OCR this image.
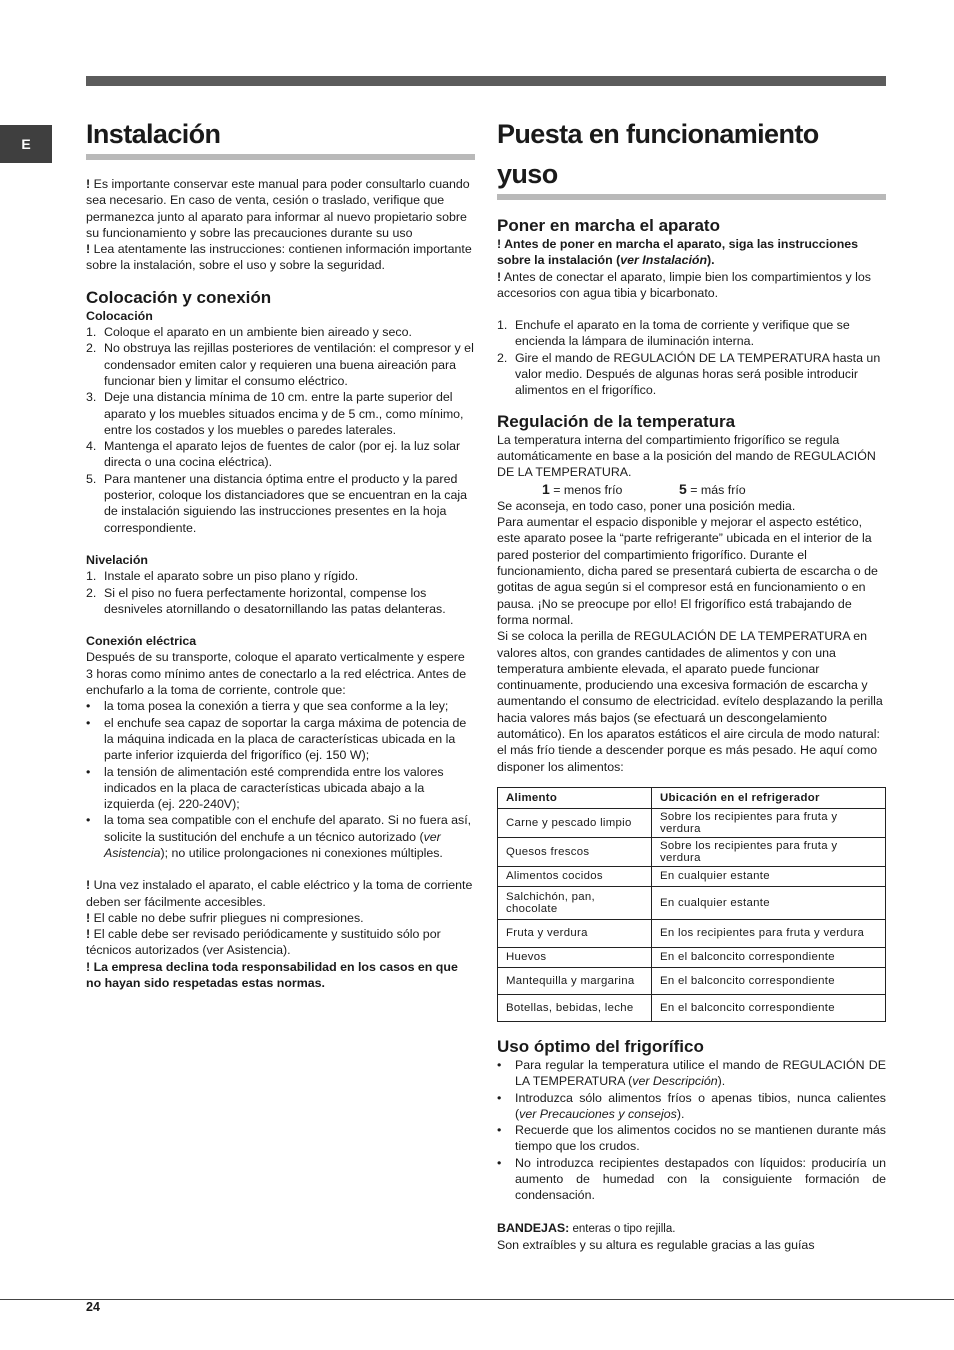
E	Instalación

! Es importante conservar este manual para poder consultarlo cuando sea necesario. En caso de venta, cesión o traslado, verifique que permanezca junto al aparato para informar al nuevo propietario sobre su funcionamiento y sobre las precauciones durante su uso

! Lea atentamente las instrucciones: contienen información importante sobre la instalación, sobre el uso y sobre la seguridad.

Colocación y conexión

Colocación

1. Coloque el aparato en un ambiente bien aireado y seco.
2. No obstruya las rejillas posteriores de ventilación: el compresor y el condensador emiten calor y requieren una buena aireación para funcionar bien y limitar el consumo eléctrico.
3. Deje una distancia mínima de 10 cm. entre la parte superior del aparato y los muebles situados encima y de 5 cm., como mínimo, entre los costados y los muebles o paredes laterales.
4. Mantenga el aparato lejos de fuentes de calor (por ej. la luz solar directa o una cocina eléctrica).
5. Para mantener una distancia óptima entre el producto y la pared posterior, coloque los distanciadores que se encuentran en la caja de instalación siguiendo las instrucciones presentes en la hoja correspondiente.

Nivelación

1. Instale el aparato sobre un piso plano y rígido.
2. Si el piso no fuera perfectamente horizontal, compense los desniveles atornillando o desatornillando las patas delanteras.

Conexión eléctrica

Después de su transporte, coloque el aparato verticalmente y espere 3 horas como mínimo antes de conectarlo a la red eléctrica. Antes de enchufarlo a la toma de corriente, controle que:

• la toma posea la conexión a tierra y que sea conforme a la ley;
• el enchufe sea capaz de soportar la carga máxima de potencia de la máquina indicada en la placa de características ubicada en la parte inferior izquierda del frigorífico (ej. 150 W);
• la tensión de alimentación esté comprendida entre los valores indicados en la placa de características ubicada abajo a la izquierda (ej. 220-240V);
• la toma sea compatible con el enchufe del aparato. Si no fuera así, solicite la sustitución del enchufe a un técnico autorizado (ver Asistencia); no utilice prolongaciones ni conexiones múltiples.

! Una vez instalado el aparato, el cable eléctrico y la toma de corriente deben ser fácilmente accesibles.

! El cable no debe sufrir pliegues ni compresiones.

! El cable debe ser revisado periódicamente y sustituido sólo por técnicos autorizados (ver Asistencia).

! La empresa declina toda responsabilidad en los casos en que no hayan sido respetadas estas normas.

Puesta en funcionamiento yuso
Poner en marcha el aparato

! Antes de poner en marcha el aparato, siga las instrucciones sobre la instalación (ver Instalación).

! Antes de conectar el aparato, limpie bien los compartimientos y los accesorios con agua tibia y bicarbonato.

1. Enchufe el aparato en la toma de corriente y verifique que se encienda la lámpara de iluminación interna.
2. Gire el mando de REGULACIÓN DE LA TEMPERATURA hasta un valor medio. Después de algunas horas será posible introducir alimentos en el frigorífico.
Regulación de la temperatura

La temperatura interna del compartimiento frigorífico se regula automáticamente en base a la posición del mando de REGULACIÓN DE LA TEMPERATURA.

1 = menos frío	5 = más frío

Se aconseja, en todo caso, poner una posición media.

Para aumentar el espacio disponible y mejorar el aspecto estético, este aparato posee la “parte refrigerante” ubicada en el interior de la pared posterior del compartimiento frigorífico. Durante el funcionamiento, dicha pared se presentará cubierta de escarcha o de gotitas de agua según si el compresor está en funcionamiento o en pausa. ¡No se preocupe por ello! El frigorífico está trabajando de forma normal.

Si se coloca la perilla de REGULACIÓN DE LA TEMPERATURA en valores altos, con grandes cantidades de alimentos y con una temperatura ambiente elevada, el aparato puede funcionar continuamente, produciendo una excesiva formación de escarcha y aumentando el consumo de electricidad. evítelo desplazando la perilla hacia valores más bajos (se efectuará un descongelamiento automático). En los aparatos estáticos el aire circula de modo natural: el más frío tiende a descender porque es más pesado. He aquí como disponer los alimentos:

Alimento	Ubicación en el refrigerador
Carne y pescado limpio	Sobre los recipientes para fruta y verdura
Quesos frescos	Sobre los recipientes para fruta y verdura
Alimentos cocidos	En cualquier estante
Salchichón, pan, chocolate	En cualquier estante
Fruta y verdura	En los recipientes para fruta y verdura
Huevos	En el balconcito correspondiente
Mantequilla y margarina	En el balconcito correspondiente
Botellas, bebidas, leche	En el balconcito correspondiente
Uso óptimo del frigorífico
• Para regular la temperatura utilice el mando de REGULACIÓN DE LA TEMPERATURA (ver Descripción).
• Introduzca sólo alimentos fríos o apenas tibios, nunca calientes (ver Precauciones y consejos).
• Recuerde que los alimentos cocidos no se mantienen durante más tiempo que los crudos.
• No introduzca recipientes destapados con líquidos: produciría un aumento de humedad con la consiguiente formación de condensación.

BANDEJAS: enteras o tipo rejilla.

Son extraíbles y su altura es regulable gracias a las guías

24
